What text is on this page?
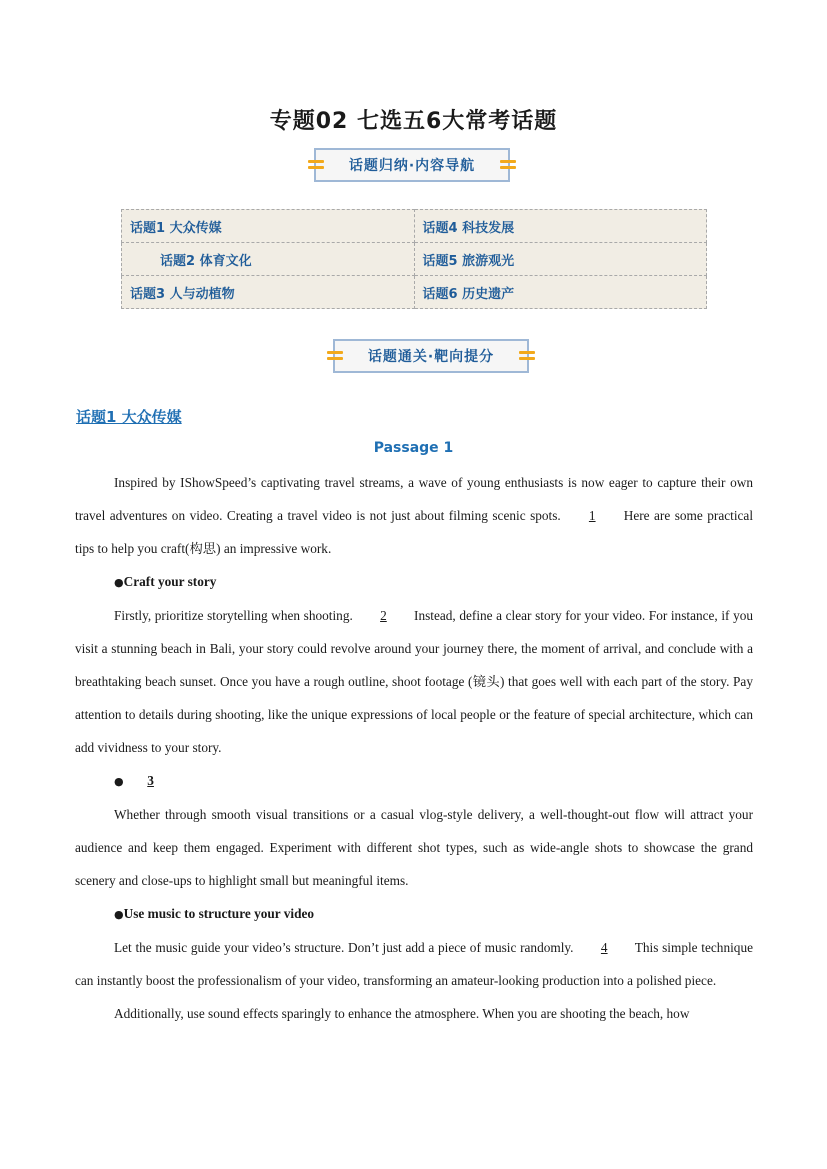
专题02 七选五6大常考话题
话题归纳·内容导航
话题1 大众传媒	话题4 科技发展
话题2 体育文化	话题5 旅游观光
话题3 人与动植物	话题6 历史遗产
话题通关·靶向提分
话题1 大众传媒
Passage 1

Inspired by IShowSpeed’s captivating travel streams, a wave of young enthusiasts is now eager to capture their own travel adventures on video. Creating a travel video is not just about filming scenic spots. 1 Here are some practical tips to help you craft(构思) an impressive work.

●Craft your story

Firstly, prioritize storytelling when shooting. 2 Instead, define a clear story for your video. For instance, if you visit a stunning beach in Bali, your story could revolve around your journey there, the moment of arrival, and conclude with a breathtaking beach sunset. Once you have a rough outline, shoot footage (镜头) that goes well with each part of the story. Pay attention to details during shooting, like the unique expressions of local people or the feature of special architecture, which can add vividness to your story.

● 3

Whether through smooth visual transitions or a casual vlog-style delivery, a well-thought-out flow will attract your audience and keep them engaged. Experiment with different shot types, such as wide-angle shots to showcase the grand scenery and close-ups to highlight small but meaningful items.

●Use music to structure your video

Let the music guide your video’s structure. Don’t just add a piece of music randomly. 4 This simple technique can instantly boost the professionalism of your video, transforming an amateur-looking production into a polished piece.

Additionally, use sound effects sparingly to enhance the atmosphere. When you are shooting the beach, how
